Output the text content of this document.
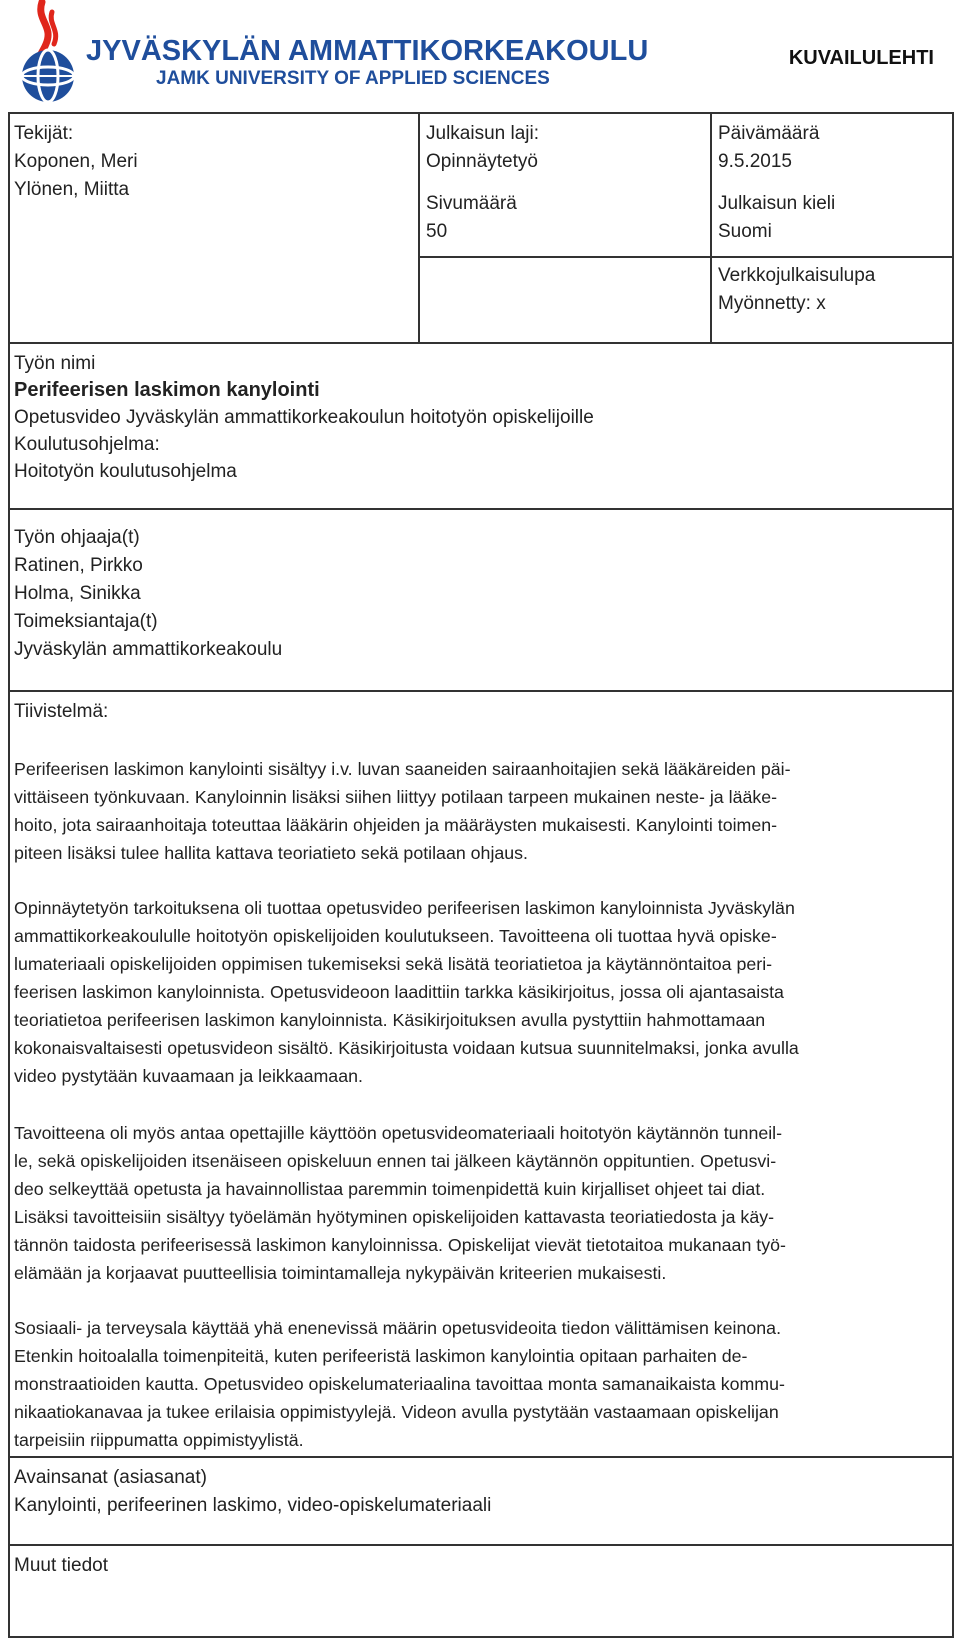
JYVÄSKYLÄN AMMATTIKORKEAKOULU
JAMK UNIVERSITY OF APPLIED SCIENCES
KUVAILULEHTI
Tekijät:
Koponen, Meri
Ylönen, Miitta
Julkaisun laji:
Opinnäytetyö
Sivumäärä
50
Päivämäärä
9.5.2015
Julkaisun kieli
Suomi
Verkkojulkaisulupa
Myönnetty: x
Työn nimi
Perifeerisen laskimon kanylointi
Opetusvideo Jyväskylän ammattikorkeakoulun hoitotyön opiskelijoille
Koulutusohjelma:
Hoitotyön koulutusohjelma
Työn ohjaaja(t)
Ratinen, Pirkko
Holma, Sinikka
Toimeksiantaja(t)
Jyväskylän ammattikorkeakoulu
Tiivistelmä:
Perifeerisen laskimon kanylointi sisältyy i.v. luvan saaneiden sairaanhoitajien sekä lääkäreiden päi-
vittäiseen työnkuvaan. Kanyloinnin lisäksi siihen liittyy potilaan tarpeen mukainen neste- ja lääke-
hoito, jota sairaanhoitaja toteuttaa lääkärin ohjeiden ja määräysten mukaisesti. Kanylointi toimen-
piteen lisäksi tulee hallita kattava teoriatieto sekä potilaan ohjaus.
Opinnäytetyön tarkoituksena oli tuottaa opetusvideo perifeerisen laskimon kanyloinnista Jyväskylän
ammattikorkeakoululle hoitotyön opiskelijoiden koulutukseen. Tavoitteena oli tuottaa hyvä opiske-
lumateriaali opiskelijoiden oppimisen tukemiseksi sekä lisätä teoriatietoa ja käytännöntaitoa peri-
feerisen laskimon kanyloinnista. Opetusvideoon laadittiin tarkka käsikirjoitus, jossa oli ajantasaista
teoriatietoa perifeerisen laskimon kanyloinnista. Käsikirjoituksen avulla pystyttiin hahmottamaan
kokonaisvaltaisesti opetusvideon sisältö. Käsikirjoitusta voidaan kutsua suunnitelmaksi, jonka avulla
video pystytään kuvaamaan ja leikkaamaan.
Tavoitteena oli myös antaa opettajille käyttöön opetusvideomateriaali hoitotyön käytännön tunneil-
le, sekä opiskelijoiden itsenäiseen opiskeluun ennen tai jälkeen käytännön oppituntien. Opetusvi-
deo selkeyttää opetusta ja havainnollistaa paremmin toimenpidettä kuin kirjalliset ohjeet tai diat.
Lisäksi tavoitteisiin sisältyy työelämän hyötyminen opiskelijoiden kattavasta teoriatiedosta ja käy-
tännön taidosta perifeerisessä laskimon kanyloinnissa. Opiskelijat vievät tietotaitoa mukanaan työ-
elämään ja korjaavat puutteellisia toimintamalleja nykypäivän kriteerien mukaisesti.
Sosiaali- ja terveysala käyttää yhä enenevissä määrin opetusvideoita tiedon välittämisen keinona.
Etenkin hoitoalalla toimenpiteitä, kuten perifeeristä laskimon kanylointia opitaan parhaiten de-
monstraatioiden kautta. Opetusvideo opiskelumateriaalina tavoittaa monta samanaikaista kommu-
nikaatiokanavaa ja tukee erilaisia oppimistyylejä. Videon avulla pystytään vastaamaan opiskelijan
tarpeisiin riippumatta oppimistyylistä.
Avainsanat (asiasanat)
Kanylointi, perifeerinen laskimo, video-opiskelumateriaali
Muut tiedot
